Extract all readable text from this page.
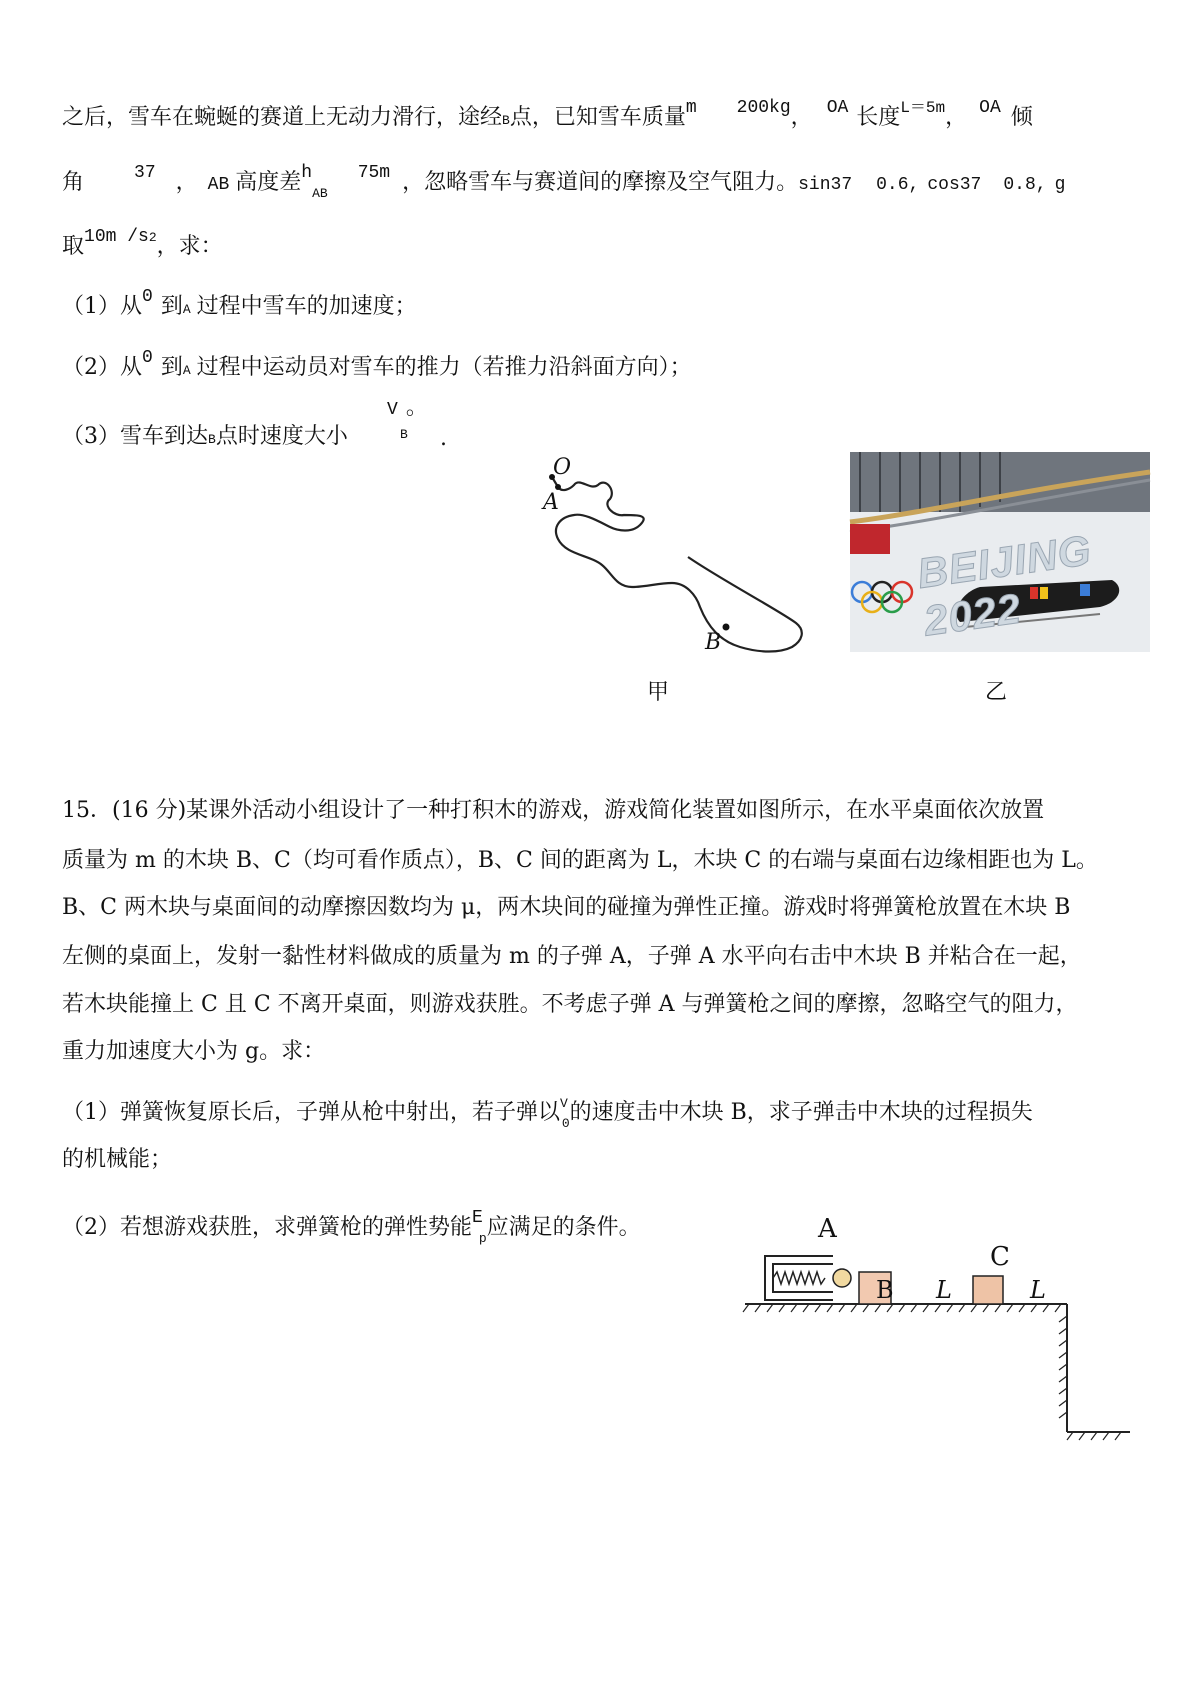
之后，雪车在蜿蜒的赛道上无动力滑行，途经B点，已知雪车质量$^m$ $^{200kg}$， $^{OA}$ 长度$^{L=5m}$， $^{OA}$ 倾
角	$^{37}$ ， AB 高度差$^h_{AB}^{75m}$ ，忽略雪车与赛道间的摩擦及空气阻力。sin37 0.6, cos37 0.8, g
取$^{10m /s2}$，求：
（1）从$^0$ 到A 过程中雪车的加速度；
（2）从$^0$ 到A 过程中运动员对雪车的推力（若推力沿斜面方向）；
（3）雪车到达B点时速度大小
V 。
B .
O
A
B
甲
BEIJING 2022
乙
15．(16 分)某课外活动小组设计了一种打积木的游戏，游戏简化装置如图所示，在水平桌面依次放置
质量为 m 的木块 B、C（均可看作质点），B、C 间的距离为 L，木块 C 的右端与桌面右边缘相距也为 L。
B、C 两木块与桌面间的动摩擦因数均为 μ，两木块间的碰撞为弹性正撞。游戏时将弹簧枪放置在木块 B
左侧的桌面上，发射一黏性材料做成的质量为 m 的子弹 A，子弹 A 水平向右击中木块 B 并粘合在一起，
若木块能撞上 C 且 C 不离开桌面，则游戏获胜。不考虑子弹 A 与弹簧枪之间的摩擦，忽略空气的阻力，
重力加速度大小为 g。求：
（1）弹簧恢复原长后，子弹从枪中射出，若子弹以$^V_0$的速度击中木块 B，求子弹击中木块的过程损失
的机械能；
（2）若想游戏获胜，求弹簧枪的弹性势能$^E_p$应满足的条件。	A
B
C
L	L
